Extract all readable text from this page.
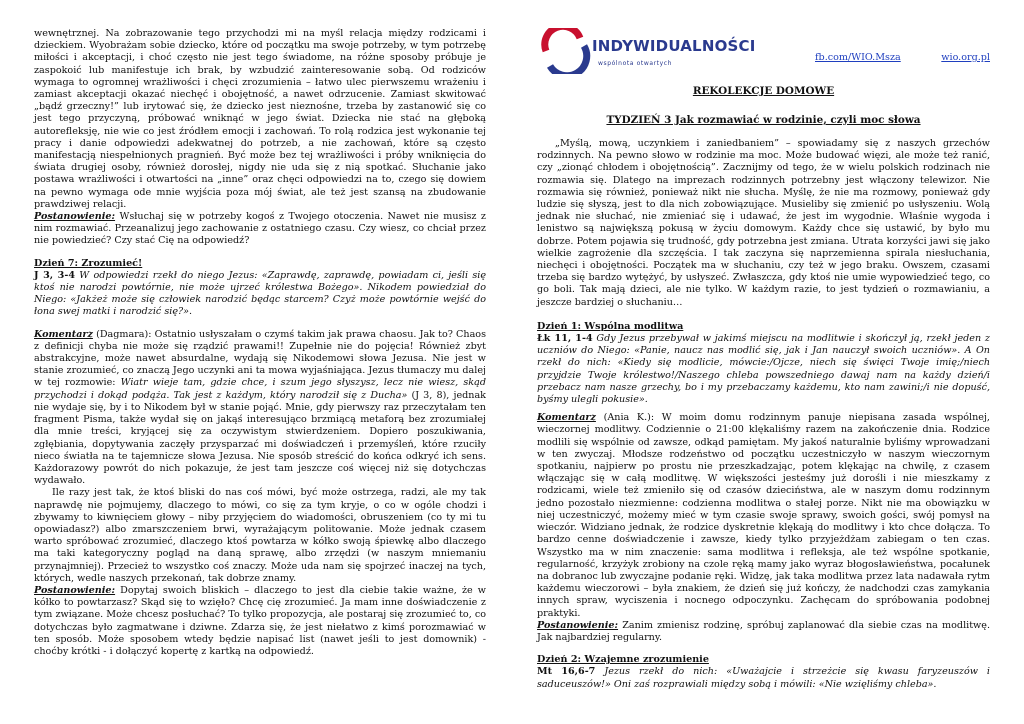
wewnętrznej. Na zobrazowanie tego przychodzi mi na myśl relacja między rodzicami i dzieckiem. Wyobrażam sobie dziecko, które od początku ma swoje potrzeby, w tym potrzebę miłości i akceptacji, i choć często nie jest tego świadome, na różne sposoby próbuje je zaspokoić lub manifestuje ich brak, by wzbudzić zainteresowanie sobą. Od rodziców wymaga to ogromnej wrażliwości i chęci zrozumienia – łatwo ulec pierwszemu wrażeniu i zamiast akceptacji okazać niechęć i obojętność, a nawet odrzucenie. Zamiast skwitować „bądź grzeczny!” lub irytować się, że dziecko jest nieznośne, trzeba by zastanowić się co jest tego przyczyną, próbować wniknąć w jego świat. Dziecka nie stać na głęboką autorefleksję, nie wie co jest źródłem emocji i zachowań. To rolą rodzica jest wykonanie tej pracy i danie odpowiedzi adekwatnej do potrzeb, a nie zachowań, które są często manifestacją niespełnionych pragnień. Być może bez tej wrażliwości i próby wniknięcia do świata drugiej osoby, również dorosłej, nigdy nie uda się z nią spotkać. Słuchanie jako postawa wrażliwości i otwartości na „inne” oraz chęci odpowiedzi na to, czego się dowiem na pewno wymaga ode mnie wyjścia poza mój świat, ale też jest szansą na zbudowanie prawdziwej relacji.

Postanowienie: Wsłuchaj się w potrzeby kogoś z Twojego otoczenia. Nawet nie musisz z nim rozmawiać. Przeanalizuj jego zachowanie z ostatniego czasu. Czy wiesz, co chciał przez nie powiedzieć? Czy stać Cię na odpowiedź?

Dzień 7: Zrozumieć!

J 3, 3-4 W odpowiedzi rzekł do niego Jezus: «Zaprawdę, zaprawdę, powiadam ci, jeśli się ktoś nie narodzi powtórnie, nie może ujrzeć królestwa Bożego». Nikodem powiedział do Niego: «Jakżeż może się człowiek narodzić będąc starcem? Czyż może powtórnie wejść do łona swej matki i narodzić się?».

Komentarz (Dagmara): Ostatnio usłyszałam o czymś takim jak prawa chaosu. Jak to? Chaos z definicji chyba nie może się rządzić prawami!! Zupełnie nie do pojęcia! Również zbyt abstrakcyjne, może nawet absurdalne, wydają się Nikodemowi słowa Jezusa. Nie jest w stanie zrozumieć, co znaczą Jego uczynki ani ta mowa wyjaśniająca. Jezus tłumaczy mu dalej w tej rozmowie: Wiatr wieje tam, gdzie chce, i szum jego słyszysz, lecz nie wiesz, skąd przychodzi i dokąd podąża. Tak jest z każdym, który narodził się z Ducha» (J 3, 8), jednak nie wydaje się, by i to Nikodem był w stanie pojąć. Mnie, gdy pierwszy raz przeczytałam ten fragment Pisma, także wydał się on jakąś interesująco brzmiącą metaforą bez zrozumiałej dla mnie treści, kryjącej się za oczywistym stwierdzeniem. Dopiero poszukiwania, zgłębiania, dopytywania zaczęły przysparzać mi doświadczeń i przemyśleń, które rzuciły nieco światła na te tajemnicze słowa Jezusa. Nie sposób streścić do końca odkryć ich sens. Każdorazowy powrót do nich pokazuje, że jest tam jeszcze coś więcej niż się dotychczas wydawało.

Ile razy jest tak, że ktoś bliski do nas coś mówi, być może ostrzega, radzi, ale my tak naprawdę nie pojmujemy, dlaczego to mówi, co się za tym kryje, o co w ogóle chodzi i zbywamy to kiwnięciem głowy – niby przyjęciem do wiadomości, obruszeniem (co ty mi tu opowiadasz?) albo zmarszczeniem brwi, wyrażającym politowanie. Może jednak czasem warto spróbować zrozumieć, dlaczego ktoś powtarza w kółko swoją śpiewkę albo dlaczego ma taki kategoryczny pogląd na daną sprawę, albo zrzędzi (w naszym mniemaniu przynajmniej). Przecież to wszystko coś znaczy. Może uda nam się spojrzeć inaczej na tych, których, wedle naszych przekonań, tak dobrze znamy.

Postanowienie: Dopytaj swoich bliskich – dlaczego to jest dla ciebie takie ważne, że w kółko to powtarzasz? Skąd się to wzięło? Chcę cię zrozumieć. Ja mam inne doświadczenie z tym związane. Może chcesz posłuchać? To tylko propozycja, ale postaraj się zrozumieć to, co dotychczas było zagmatwane i dziwne. Zdarza się, że jest niełatwo z kimś porozmawiać w ten sposób. Może sposobem wtedy będzie napisać list (nawet jeśli to jest domownik) - choćby krótki - i dołączyć kopertę z kartką na odpowiedź.

INDYWIDUALNOŚCI
wspólnota otwartych
fb.com/WIO.Msza	wio.org.pl
REKOLEKCJE DOMOWE
TYDZIEŃ 3 Jak rozmawiać w rodzinie, czyli moc słowa

„Myślą, mową, uczynkiem i zaniedbaniem” – spowiadamy się z naszych grzechów rodzinnych. Na pewno słowo w rodzinie ma moc. Może budować więzi, ale może też ranić, czy „zionąć chłodem i obojętnością”. Zacznijmy od tego, że w wielu polskich rodzinach nie rozmawia się. Dlatego na imprezach rodzinnych potrzebny jest włączony telewizor. Nie rozmawia się również, ponieważ nikt nie słucha. Myślę, że nie ma rozmowy, ponieważ gdy ludzie się słyszą, jest to dla nich zobowiązujące. Musieliby się zmienić po usłyszeniu. Wolą jednak nie słuchać, nie zmieniać się i udawać, że jest im wygodnie. Właśnie wygoda i lenistwo są największą pokusą w życiu domowym. Każdy chce się ustawić, by było mu dobrze. Potem pojawia się trudność, gdy potrzebna jest zmiana. Utrata korzyści jawi się jako wielkie zagrożenie dla szczęścia. I tak zaczyna się naprzemienna spirala niesłuchania, niechęci i obojętności. Początek ma w słuchaniu, czy też w jego braku. Owszem, czasami trzeba się bardzo wytężyć, by usłyszeć. Zwłaszcza, gdy ktoś nie umie wypowiedzieć tego, co go boli. Tak mają dzieci, ale nie tylko. W każdym razie, to jest tydzień o rozmawianiu, a jeszcze bardziej o słuchaniu…

Dzień 1: Wspólna modlitwa

Łk 11, 1-4 Gdy Jezus przebywał w jakimś miejscu na modlitwie i skończył ją, rzekł jeden z uczniów do Niego: «Panie, naucz nas modlić się, jak i Jan nauczył swoich uczniów». A On rzekł do nich: «Kiedy się modlicie, mówcie:/Ojcze, niech się święci Twoje imię;/niech przyjdzie Twoje królestwo!/Naszego chleba powszedniego dawaj nam na każdy dzień/i przebacz nam nasze grzechy, bo i my przebaczamy każdemu, kto nam zawini;/i nie dopuść, byśmy ulegli pokusie».

Komentarz (Ania K.): W moim domu rodzinnym panuje niepisana zasada wspólnej, wieczornej modlitwy. Codziennie o 21:00 klękaliśmy razem na zakończenie dnia. Rodzice modlili się wspólnie od zawsze, odkąd pamiętam. My jakoś naturalnie byliśmy wprowadzani w ten zwyczaj. Młodsze rodzeństwo od początku uczestniczyło w naszym wieczornym spotkaniu, najpierw po prostu nie przeszkadzając, potem klękając na chwilę, z czasem włączając się w całą modlitwę. W większości jesteśmy już dorośli i nie mieszkamy z rodzicami, wiele też zmieniło się od czasów dzieciństwa, ale w naszym domu rodzinnym jedno pozostało niezmienne: codzienna modlitwa o stałej porze. Nikt nie ma obowiązku w niej uczestniczyć, możemy mieć w tym czasie swoje sprawy, swoich gości, swój pomysł na wieczór. Widziano jednak, że rodzice dyskretnie klękają do modlitwy i kto chce dołącza. To bardzo cenne doświadczenie i zawsze, kiedy tylko przyjeżdżam zabiegam o ten czas. Wszystko ma w nim znaczenie: sama modlitwa i refleksja, ale też wspólne spotkanie, regularność, krzyżyk zrobiony na czole ręką mamy jako wyraz błogosławieństwa, pocałunek na dobranoc lub zwyczajne podanie ręki. Widzę, jak taka modlitwa przez lata nadawała rytm każdemu wieczorowi – była znakiem, że dzień się już kończy, że nadchodzi czas zamykania innych spraw, wyciszenia i nocnego odpoczynku. Zachęcam do spróbowania podobnej praktyki.

Postanowienie: Zanim zmienisz rodzinę, spróbuj zaplanować dla siebie czas na modlitwę. Jak najbardziej regularny.

Dzień 2: Wzajemne zrozumienie

Mt 16,6-7 Jezus rzekł do nich: «Uważajcie i strzeżcie się kwasu faryzeuszów i saduceuszów!» Oni zaś rozprawiali między sobą i mówili: «Nie wzięliśmy chleba».
